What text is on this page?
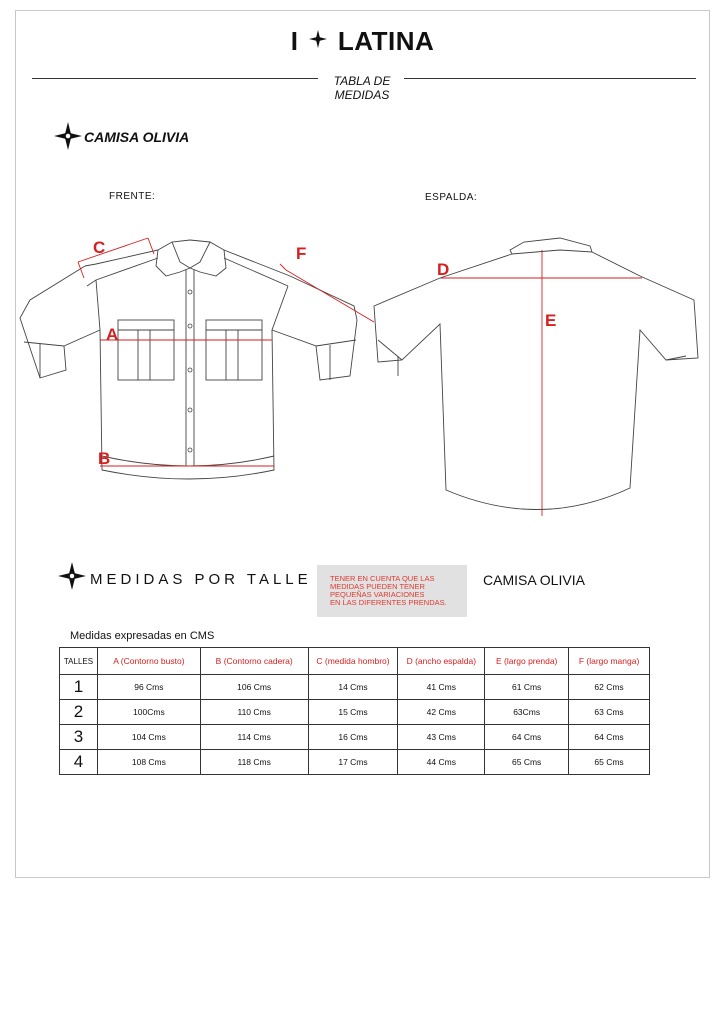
I LATINA
TABLA DE
MEDIDAS
CAMISA OLIVIA
FRENTE:	ESPALDA:
C	F
A
B
D
E
MEDIDAS POR TALLE TENER EN CUENTA QUE LAS
MEDIDAS PUEDEN TENER
PEQUEÑAS VARIACIONES
EN LAS DIFERENTES PRENDAS.
CAMISA OLIVIA
Medidas expresadas en CMS
TALLES	A (Contorno busto)	B (Contorno cadera)	C (medida hombro)	D (ancho espalda)	E (largo prenda)	F (largo manga)
1	96 Cms	106 Cms	14 Cms	41 Cms	61 Cms	62 Cms
2	100Cms	110 Cms	15 Cms	42 Cms	63Cms	63 Cms
3	104 Cms	114 Cms	16 Cms	43 Cms	64 Cms	64 Cms
4	108 Cms	118 Cms	17 Cms	44 Cms	65 Cms	65 Cms
